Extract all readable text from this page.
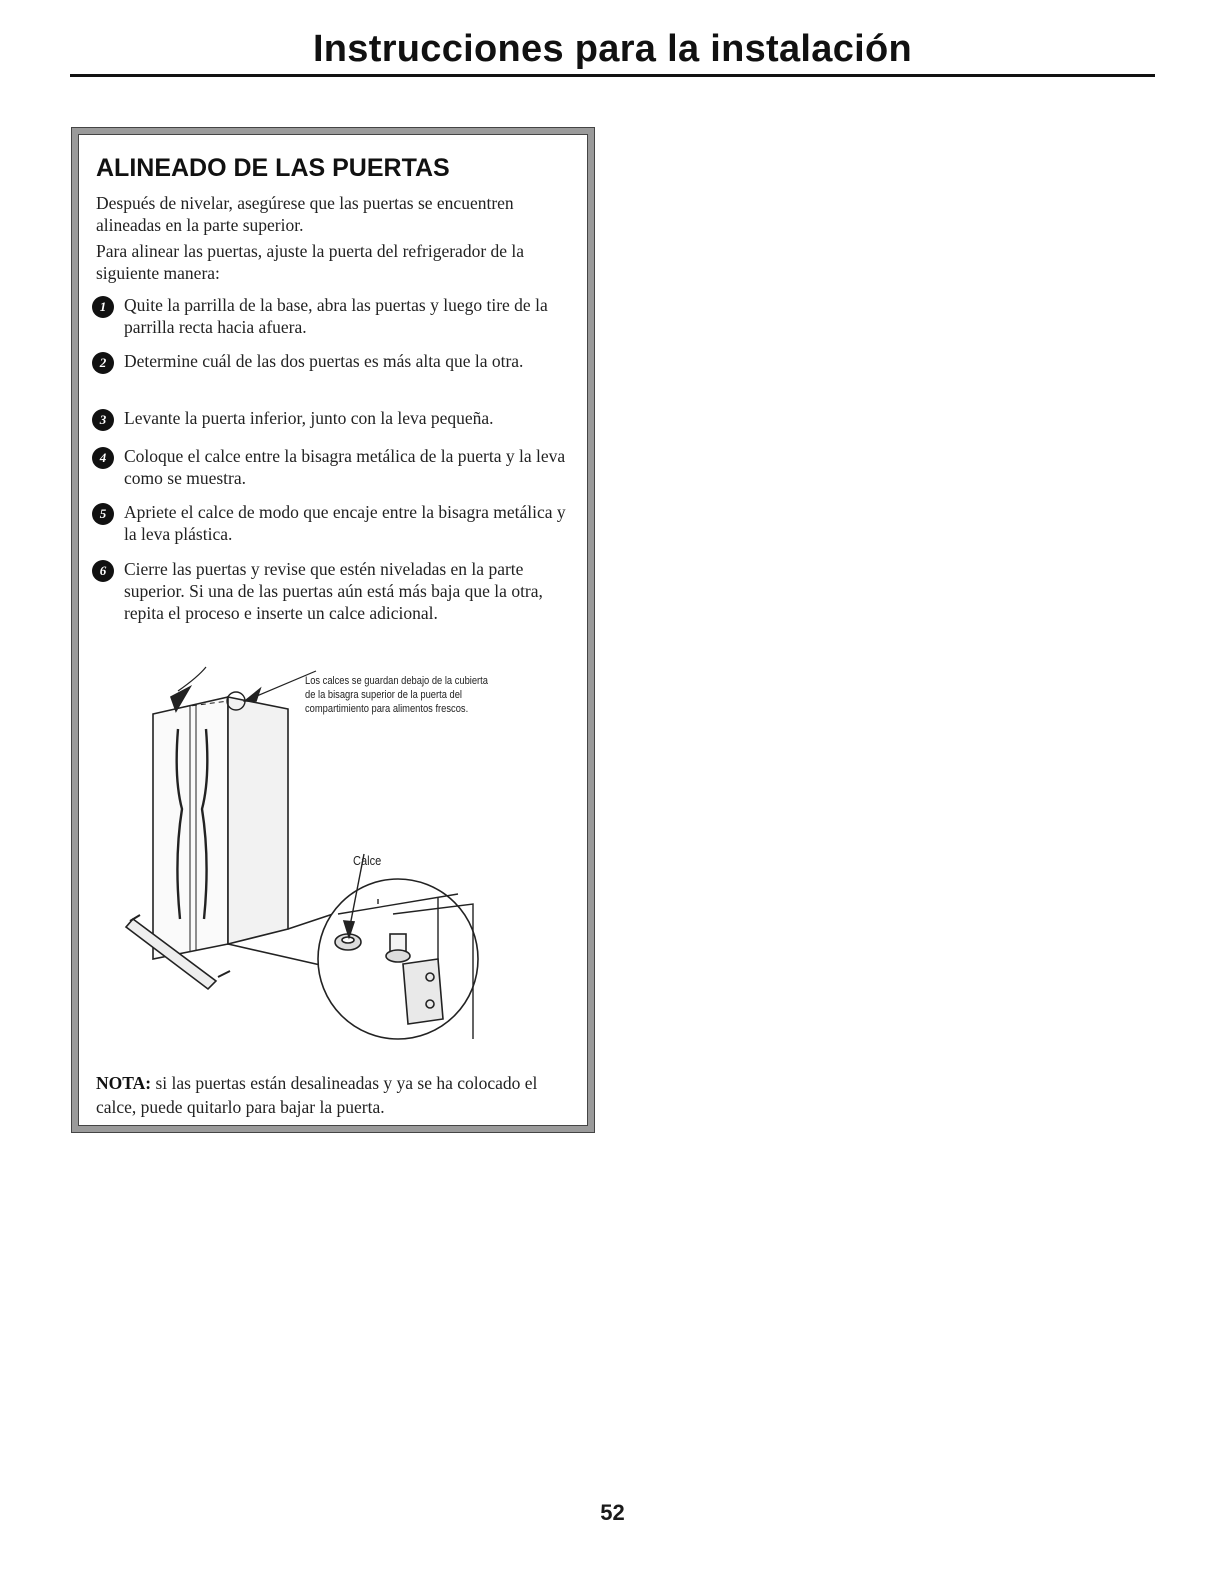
Instrucciones para la instalación
ALINEADO DE LAS PUERTAS
Después de nivelar, asegúrese que las puertas se encuentren alineadas en la parte superior.
Para alinear las puertas, ajuste la puerta del refrigerador de la siguiente manera:
1	Quite la parrilla de la base, abra las puertas y luego tire de la parrilla recta hacia afuera.
2	Determine cuál de las dos puertas es más alta que la otra.
3	Levante la puerta inferior, junto con la leva pequeña.
4	Coloque el calce entre la bisagra metálica de la puerta y la leva como se muestra.
5	Apriete el calce de modo que encaje entre la bisagra metálica y la leva plástica.
6	Cierre las puertas y revise que estén niveladas en la parte superior. Si una de las puertas aún está más baja que la otra, repita el proceso e inserte un calce adicional.
Los calces se guardan debajo de la cubierta de la bisagra superior de la puerta del compartimiento para alimentos frescos.
Calce
NOTA: si las puertas están desalineadas y ya se ha colocado el calce, puede quitarlo para bajar la puerta.
52
